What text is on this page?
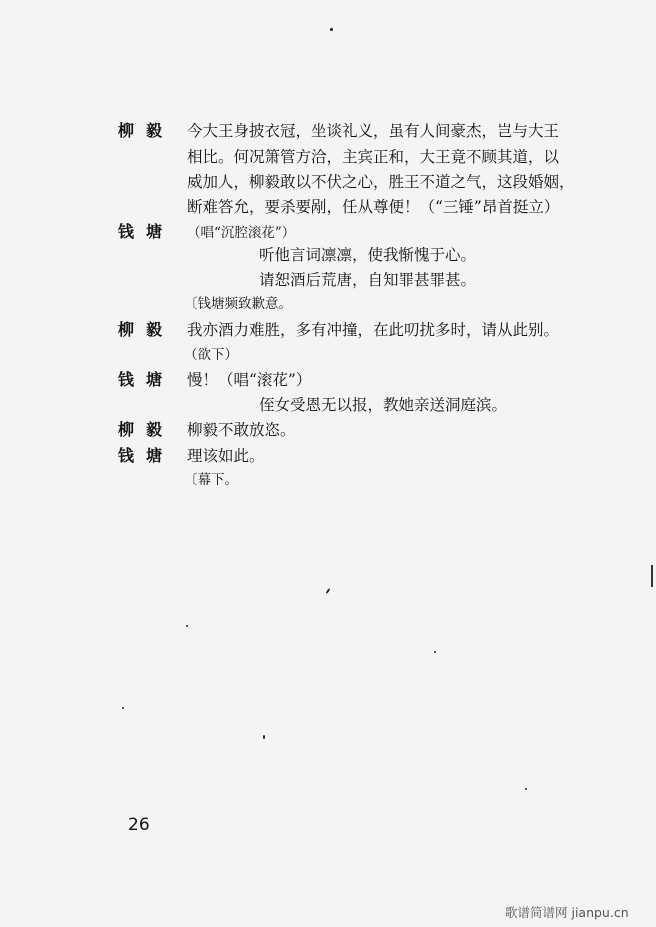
柳毅 今大王身披衣冠，坐谈礼义，虽有人间豪杰，岂与大王
相比。何况箫管方洽，主宾正和，大王竟不顾其道，以
威加人，柳毅敢以不伏之心，胜王不道之气，这段婚姻，
断难答允，要杀要剐，任从尊便！（“三锤”昂首挺立）
钱塘 （唱“沉腔滚花”）
听他言词凛凛，使我惭愧于心。
请恕酒后荒唐，自知罪甚罪甚。
〔钱塘频致歉意。
柳毅 我亦酒力难胜，多有冲撞，在此叨扰多时，请从此别。
（欲下）
钱塘 慢！（唱“滚花”）
侄女受恩无以报，教她亲送洞庭滨。
柳毅 柳毅不敢放恣。
钱塘 理该如此。
〔幕下。
26
歌谱简谱网 jianpu.cn
